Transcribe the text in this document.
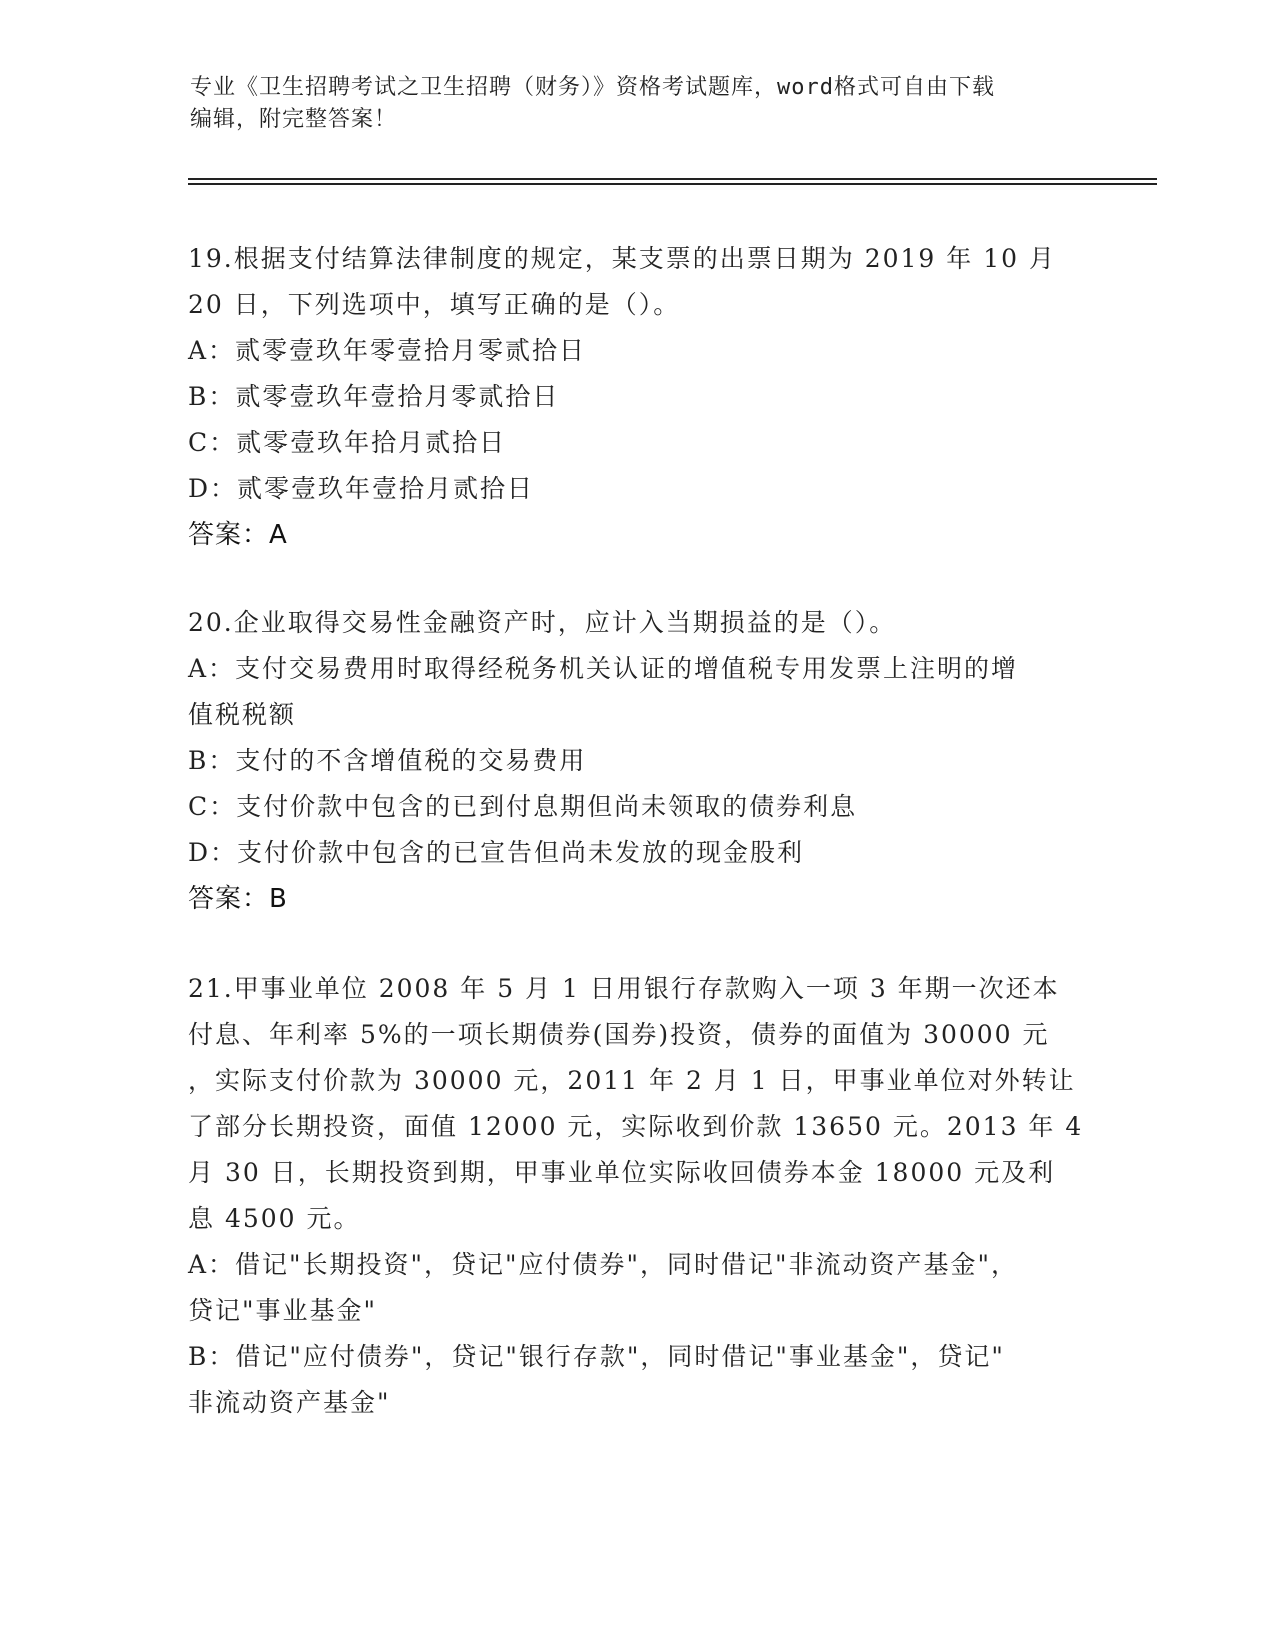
专业《卫生招聘考试之卫生招聘（财务）》资格考试题库，word格式可自由下载
编辑，附完整答案！
19.根据支付结算法律制度的规定，某支票的出票日期为 2019 年 10 月
20 日，下列选项中，填写正确的是（）。
A：贰零壹玖年零壹拾月零贰拾日
B：贰零壹玖年壹拾月零贰拾日
C：贰零壹玖年拾月贰拾日
D：贰零壹玖年壹拾月贰拾日
答案：A
20.企业取得交易性金融资产时，应计入当期损益的是（）。
A：支付交易费用时取得经税务机关认证的增值税专用发票上注明的增
值税税额
B：支付的不含增值税的交易费用
C：支付价款中包含的已到付息期但尚未领取的债券利息
D：支付价款中包含的已宣告但尚未发放的现金股利
答案：B
21.甲事业单位 2008 年 5 月 1 日用银行存款购入一项 3 年期一次还本
付息、年利率 5%的一项长期债券(国券)投资，债券的面值为 30000 元
，实际支付价款为 30000 元，2011 年 2 月 1 日，甲事业单位对外转让
了部分长期投资，面值 12000 元，实际收到价款 13650 元。2013 年 4
月 30 日，长期投资到期，甲事业单位实际收回债券本金 18000 元及利
息 4500 元。
A：借记"长期投资"，贷记"应付债券"，同时借记"非流动资产基金"，
贷记"事业基金"
B：借记"应付债券"，贷记"银行存款"，同时借记"事业基金"，贷记"
非流动资产基金"
